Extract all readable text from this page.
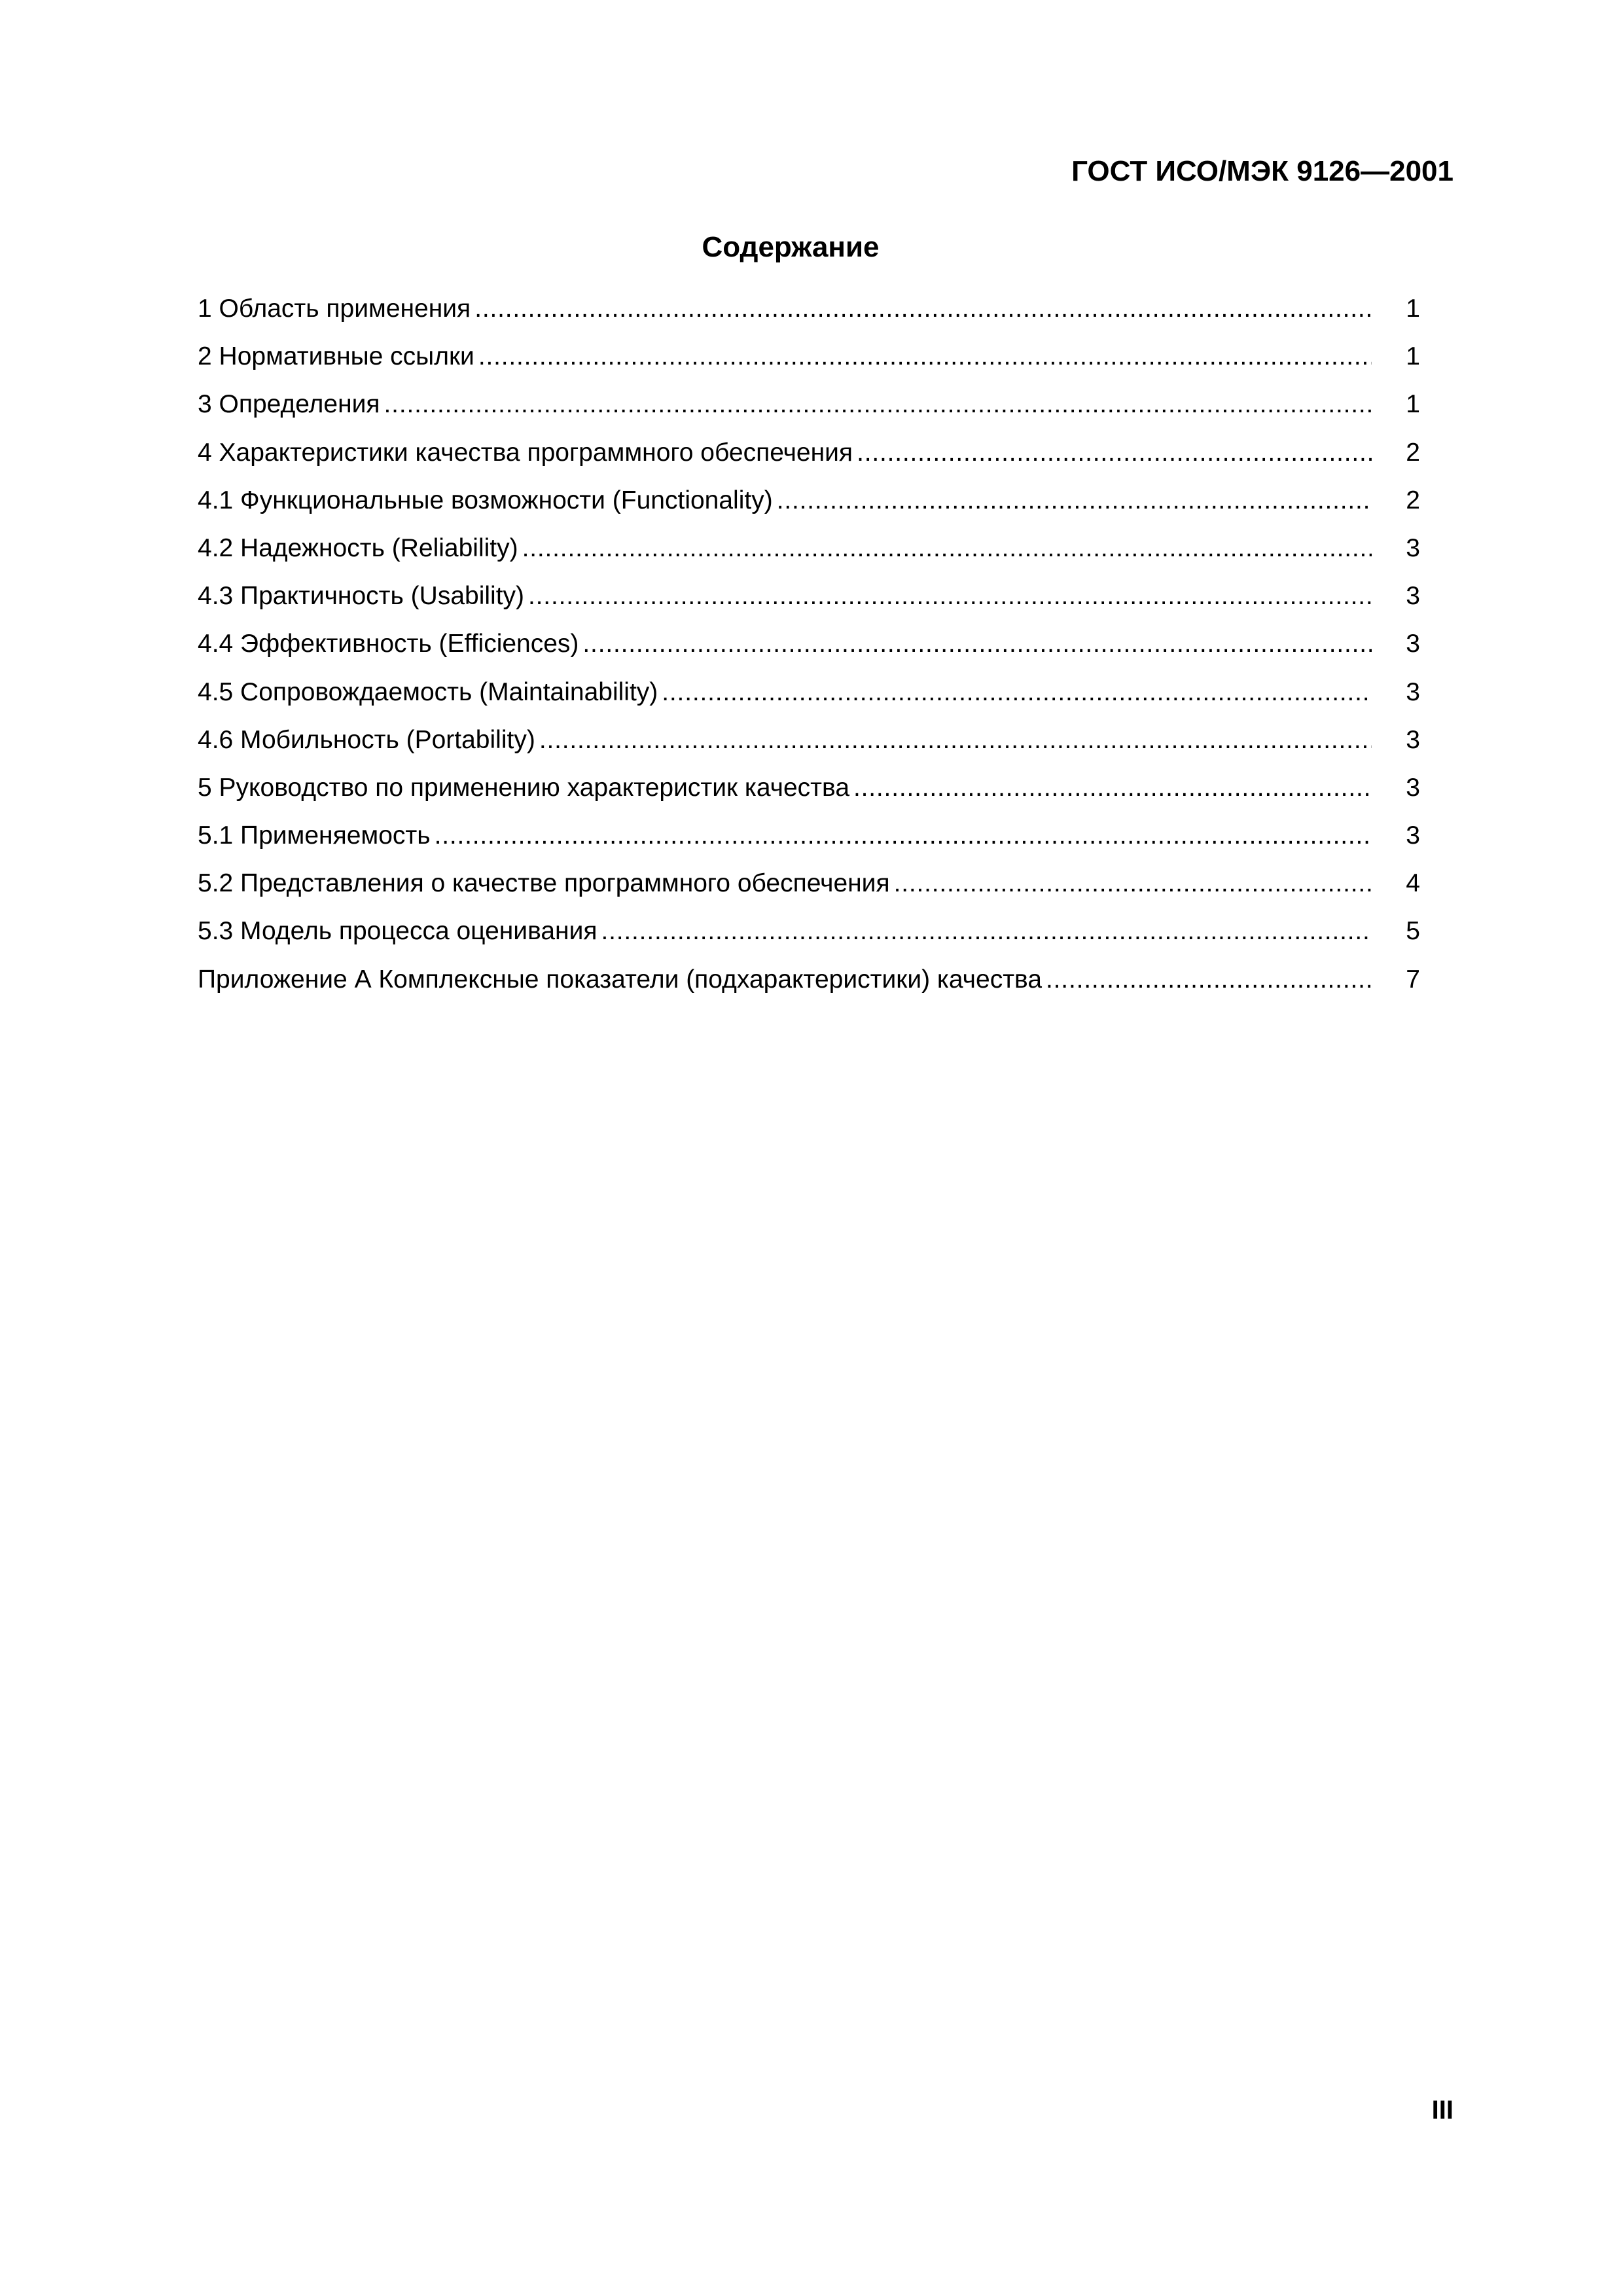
ГОСТ ИСО/МЭК 9126—2001
Содержание
1 Область применения .....	1
2 Нормативные ссылки .....	1
3 Определения .....	1
4 Характеристики качества программного обеспечения .....	2
4.1 Функциональные возможности (Functionality) .....	2
4.2 Надежность (Reliability) .....	3
4.3 Практичность (Usability) .....	3
4.4 Эффективность (Efficiences) .....	3
4.5 Сопровождаемость (Maintainability) .....	3
4.6 Мобильность (Portability) .....	3
5 Руководство по применению характеристик качества .....	3
5.1 Применяемость .....	3
5.2 Представления о качестве программного обеспечения .....	4
5.3 Модель процесса оценивания .....	5
Приложение А Комплексные показатели (подхарактеристики) качества .....	7

III
